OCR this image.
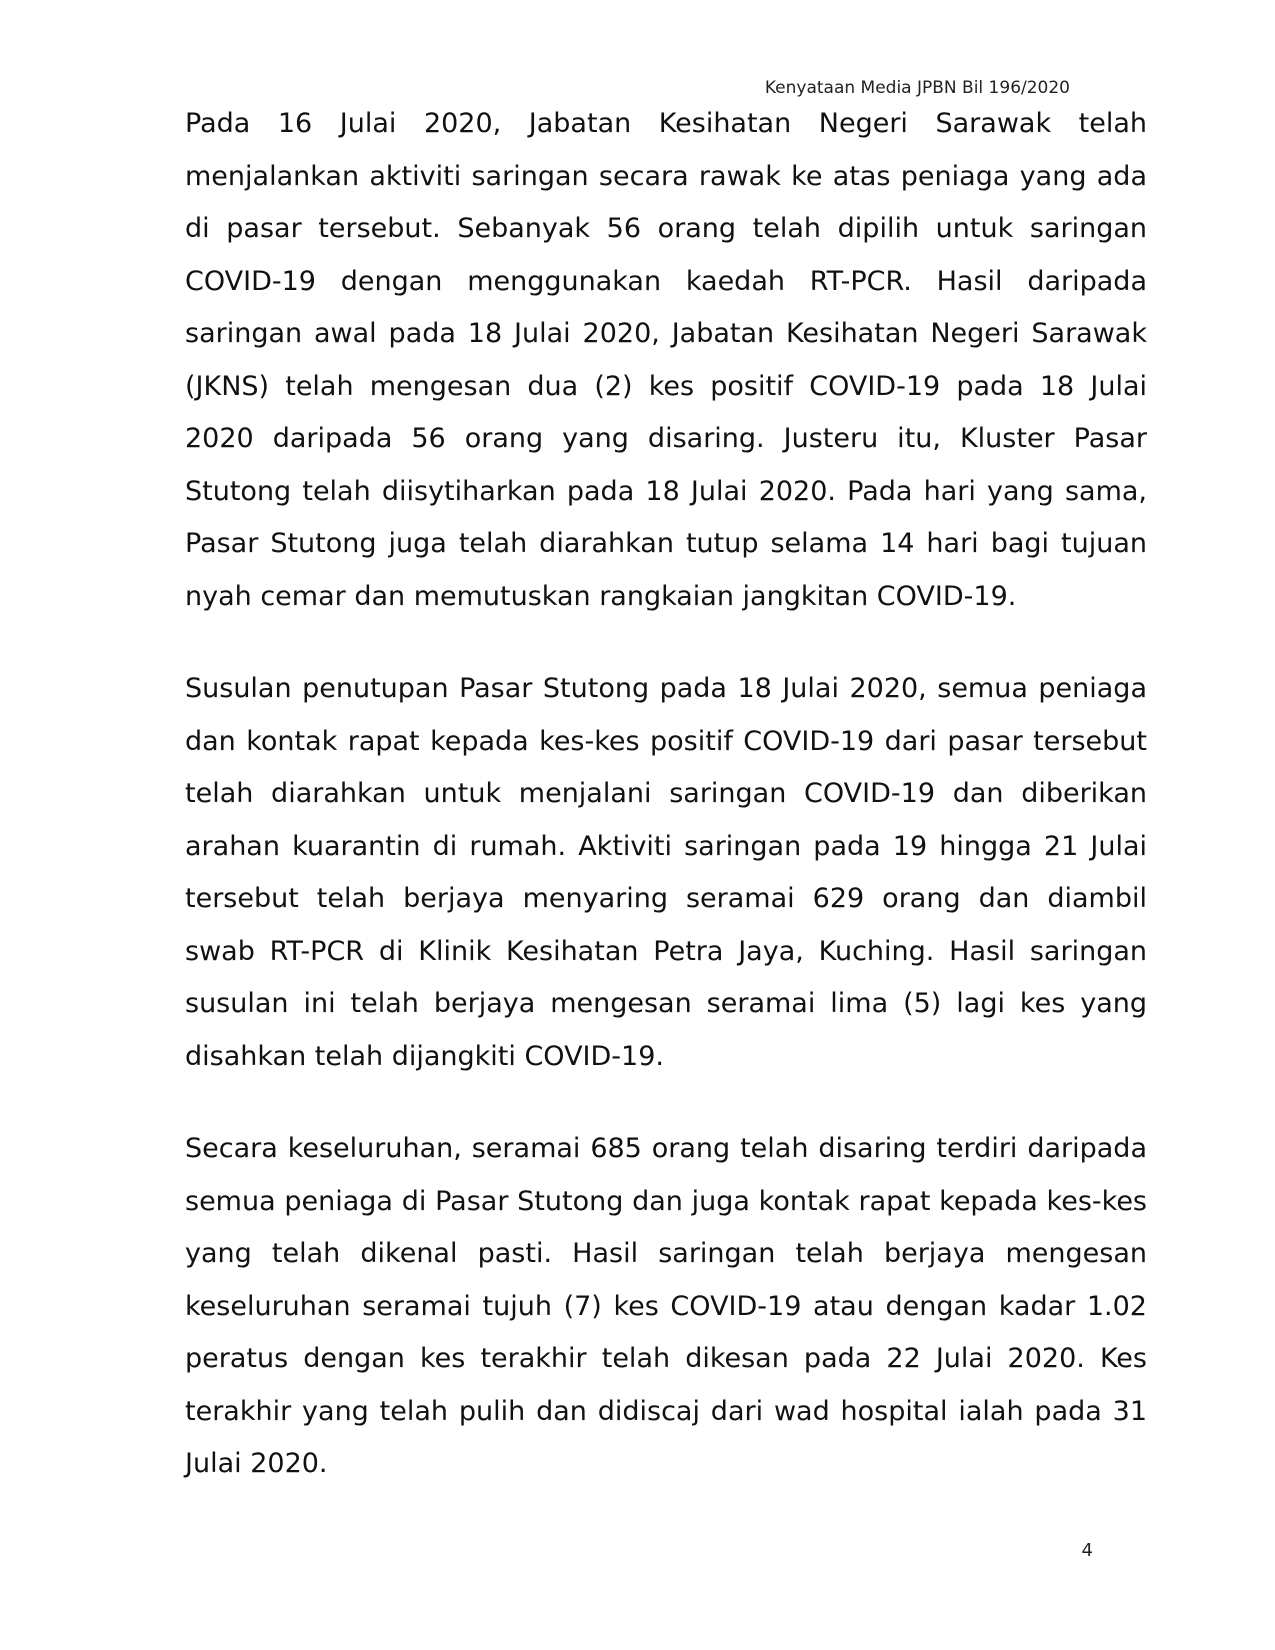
Kenyataan Media JPBN Bil 196/2020

Pada 16 Julai 2020, Jabatan Kesihatan Negeri Sarawak telah menjalankan aktiviti saringan secara rawak ke atas peniaga yang ada di pasar tersebut. Sebanyak 56 orang telah dipilih untuk saringan COVID-19 dengan menggunakan kaedah RT-PCR. Hasil daripada saringan awal pada 18 Julai 2020, Jabatan Kesihatan Negeri Sarawak (JKNS) telah mengesan dua (2) kes positif COVID-19 pada 18 Julai 2020 daripada 56 orang yang disaring. Justeru itu, Kluster Pasar Stutong telah diisytiharkan pada 18 Julai 2020. Pada hari yang sama, Pasar Stutong juga telah diarahkan tutup selama 14 hari bagi tujuan nyah cemar dan memutuskan rangkaian jangkitan COVID-19.

Susulan penutupan Pasar Stutong pada 18 Julai 2020, semua peniaga dan kontak rapat kepada kes-kes positif COVID-19 dari pasar tersebut telah diarahkan untuk menjalani saringan COVID-19 dan diberikan arahan kuarantin di rumah. Aktiviti saringan pada 19 hingga 21 Julai tersebut telah berjaya menyaring seramai 629 orang dan diambil swab RT-PCR di Klinik Kesihatan Petra Jaya, Kuching. Hasil saringan susulan ini telah berjaya mengesan seramai lima (5) lagi kes yang disahkan telah dijangkiti COVID-19.

Secara keseluruhan, seramai 685 orang telah disaring terdiri daripada semua peniaga di Pasar Stutong dan juga kontak rapat kepada kes-kes yang telah dikenal pasti. Hasil saringan telah berjaya mengesan keseluruhan seramai tujuh (7) kes COVID-19 atau dengan kadar 1.02 peratus dengan kes terakhir telah dikesan pada 22 Julai 2020. Kes terakhir yang telah pulih dan didiscaj dari wad hospital ialah pada 31 Julai 2020.

4
